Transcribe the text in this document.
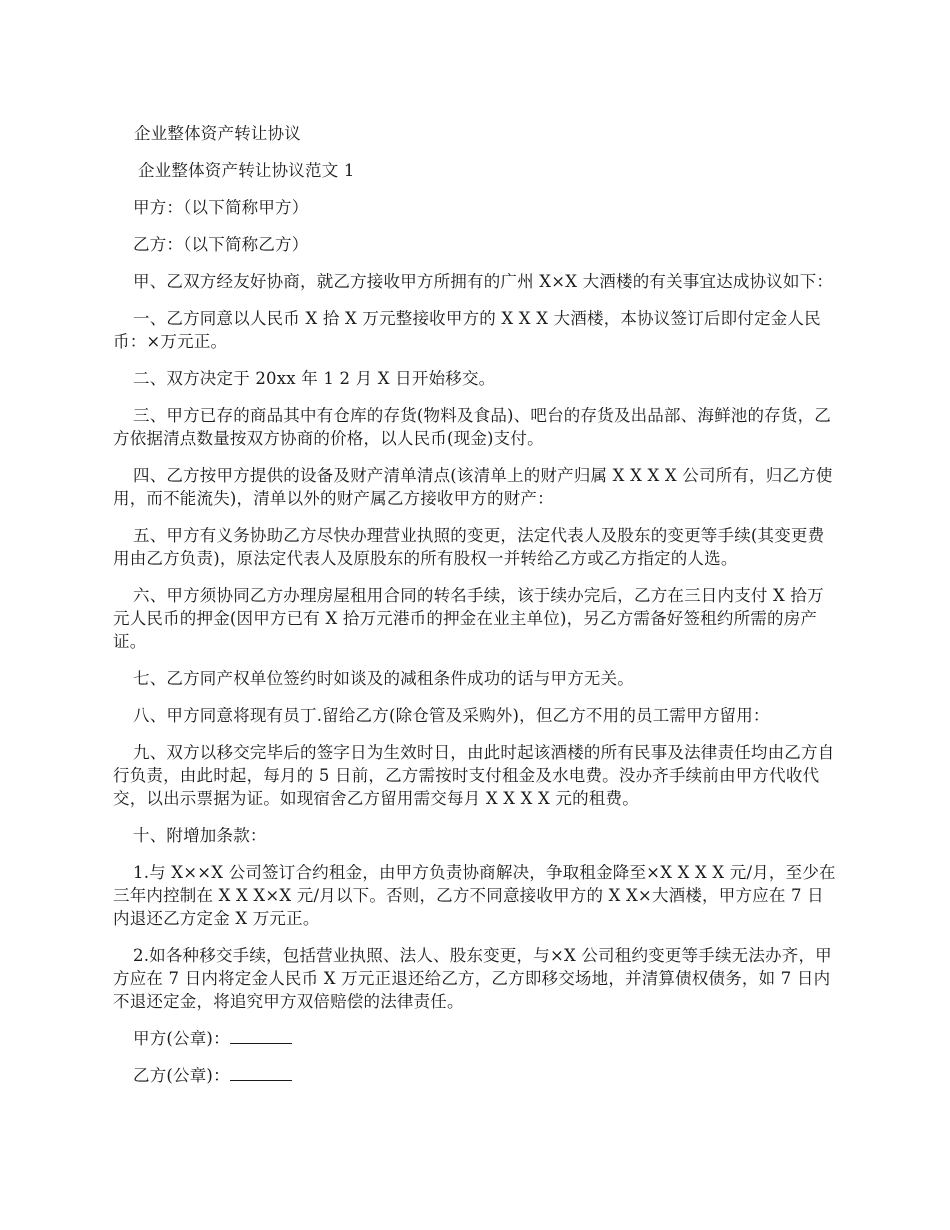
企业整体资产转让协议

企业整体资产转让协议范文 1

甲方：（以下简称甲方）

乙方：（以下简称乙方）

甲、乙双方经友好协商，就乙方接收甲方所拥有的广州 X×X 大酒楼的有关事宜达成协议如下：

一、乙方同意以人民币 X 拾 X 万元整接收甲方的 X X X 大酒楼，本协议签订后即付定金人民币：×万元正。

二、双方决定于 20xx 年 1 2 月 X 日开始移交。

三、甲方已存的商品其中有仓库的存货(物料及食品)、吧台的存货及出品部、海鲜池的存货，乙方依据清点数量按双方协商的价格，以人民币(现金)支付。

四、乙方按甲方提供的设备及财产清单清点(该清单上的财产归属 X X X X 公司所有，归乙方使用，而不能流失)，清单以外的财产属乙方接收甲方的财产：

五、甲方有义务协助乙方尽快办理营业执照的变更，法定代表人及股东的变更等手续(其变更费用由乙方负责)，原法定代表人及原股东的所有股权一并转给乙方或乙方指定的人选。

六、甲方须协同乙方办理房屋租用合同的转名手续，该于续办完后，乙方在三日内支付 X 拾万元人民币的押金(因甲方已有 X 拾万元港币的押金在业主单位)，另乙方需备好签租约所需的房产证。

七、乙方同产权单位签约时如谈及的减租条件成功的话与甲方无关。

八、甲方同意将现有员丁.留给乙方(除仓管及采购外)，但乙方不用的员工需甲方留用：

九、双方以移交完毕后的签字日为生效时日，由此时起该酒楼的所有民事及法律责任均由乙方自行负责，由此时起，每月的 5 日前，乙方需按时支付租金及水电费。没办齐手续前由甲方代收代交，以出示票据为证。如现宿舍乙方留用需交每月 X X X X 元的租费。

十、附增加条款：

1.与 X××X 公司签订合约租金，由甲方负责协商解决，争取租金降至×X X X X 元/月，至少在三年内控制在 X X X×X 元/月以下。否则，乙方不同意接收甲方的 X X×大酒楼，甲方应在 7 日内退还乙方定金 X 万元正。

2.如各种移交手续，包括营业执照、法人、股东变更，与×X 公司租约变更等手续无法办齐，甲方应在 7 日内将定金人民币 X 万元正退还给乙方，乙方即移交场地，并清算债权债务，如 7 日内不退还定金，将追究甲方双倍赔偿的法律责任。

甲方(公章)：

乙方(公章)：
